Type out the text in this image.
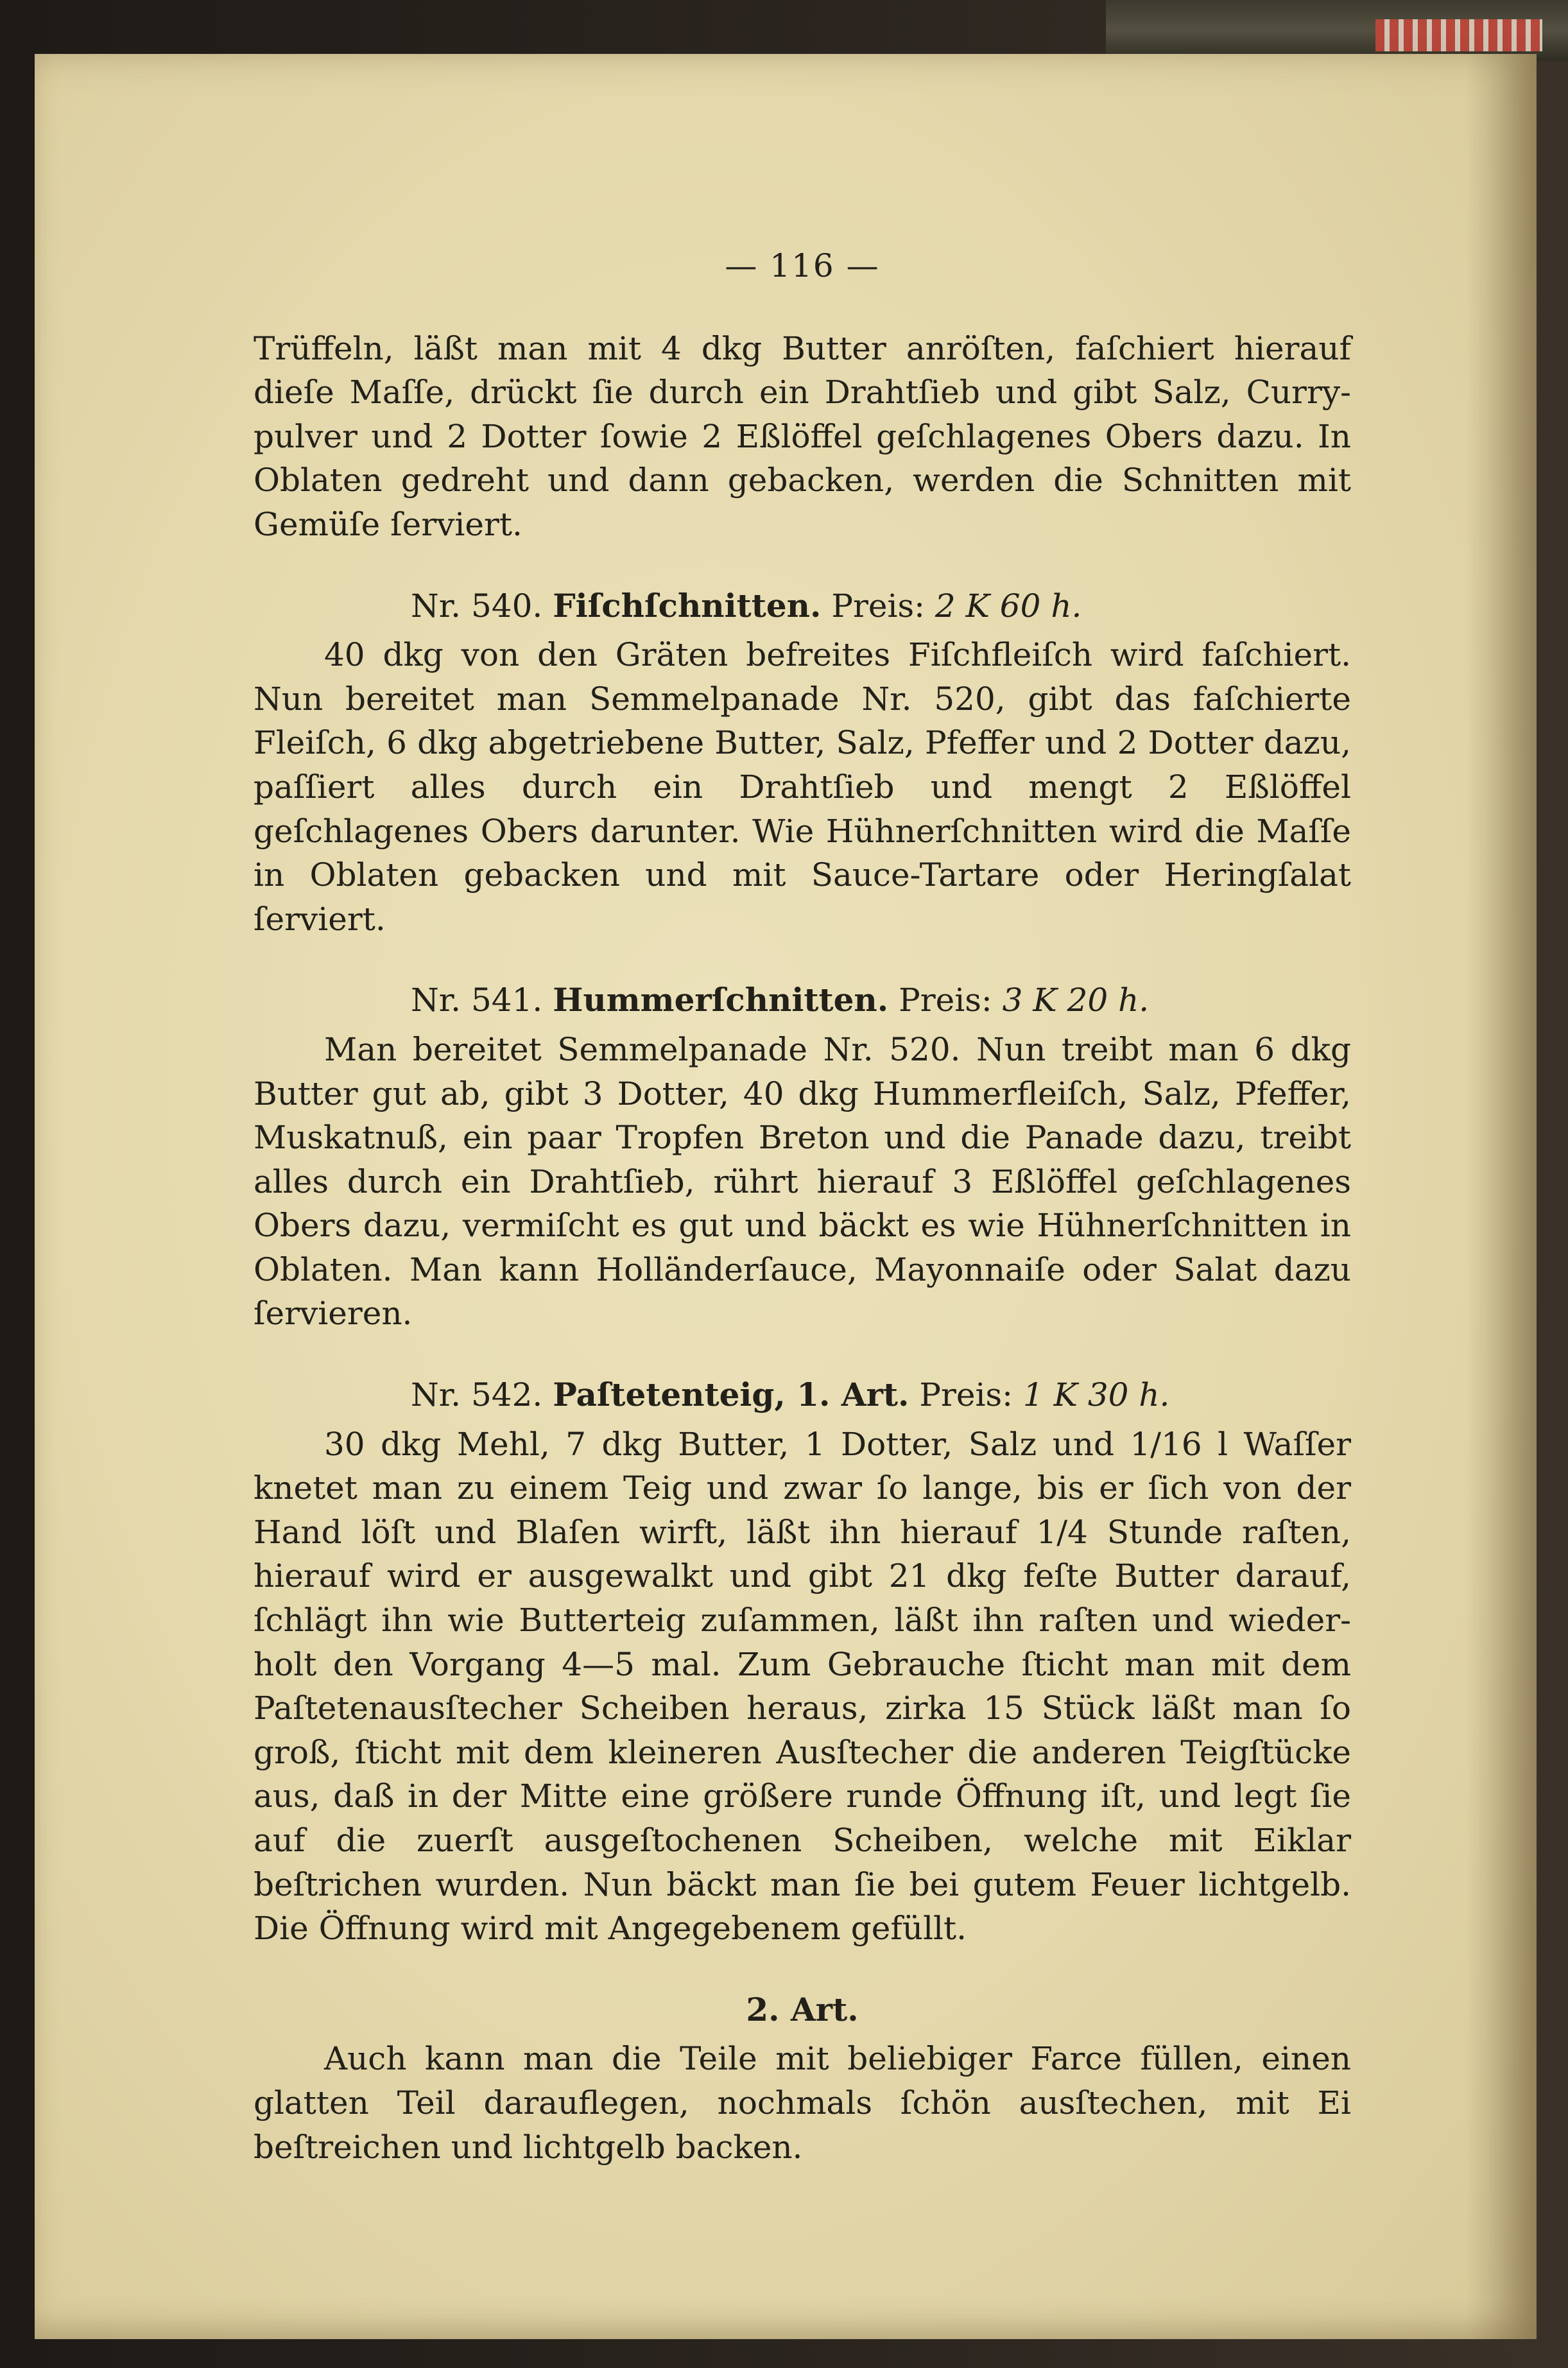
— 116 —

Trüffeln, läßt man mit 4 dkg Butter anröſten, faſchiert hierauf dieſe Maſſe, drückt ſie durch ein Drahtſieb und gibt Salz, Curry-pulver und 2 Dotter ſowie 2 Eßlöffel geſchlagenes Obers dazu. In Oblaten gedreht und dann gebacken, werden die Schnitten mit Gemüſe ſerviert.

Nr. 540. Fiſchſchnitten. Preis: 2 K 60 h.

40 dkg von den Gräten befreites Fiſchfleiſch wird faſchiert. Nun bereitet man Semmelpanade Nr. 520, gibt das faſchierte Fleiſch, 6 dkg abgetriebene Butter, Salz, Pfeffer und 2 Dotter dazu, paſſiert alles durch ein Drahtſieb und mengt 2 Eßlöffel geſchlagenes Obers darunter. Wie Hühnerſchnitten wird die Maſſe in Oblaten gebacken und mit Sauce-Tartare oder Heringſalat ſerviert.

Nr. 541. Hummerſchnitten. Preis: 3 K 20 h.

Man bereitet Semmelpanade Nr. 520. Nun treibt man 6 dkg Butter gut ab, gibt 3 Dotter, 40 dkg Hummerfleiſch, Salz, Pfeffer, Muskatnuß, ein paar Tropfen Breton und die Panade dazu, treibt alles durch ein Drahtſieb, rührt hierauf 3 Eßlöffel geſchlagenes Obers dazu, vermiſcht es gut und bäckt es wie Hühnerſchnitten in Oblaten. Man kann Holländerſauce, Mayonnaiſe oder Salat dazu ſervieren.

Nr. 542. Paſtetenteig, 1. Art. Preis: 1 K 30 h.

30 dkg Mehl, 7 dkg Butter, 1 Dotter, Salz und 1/16 l Waſſer knetet man zu einem Teig und zwar ſo lange, bis er ſich von der Hand löſt und Blaſen wirft, läßt ihn hierauf 1/4 Stunde raſten, hierauf wird er ausgewalkt und gibt 21 dkg feſte Butter darauf, ſchlägt ihn wie Butterteig zuſammen, läßt ihn raſten und wieder-holt den Vorgang 4—5 mal. Zum Gebrauche ſticht man mit dem Paſtetenausſtecher Scheiben heraus, zirka 15 Stück läßt man ſo groß, ſticht mit dem kleineren Ausſtecher die anderen Teigſtücke aus, daß in der Mitte eine größere runde Öffnung iſt, und legt ſie auf die zuerſt ausgeſtochenen Scheiben, welche mit Eiklar beſtrichen wurden. Nun bäckt man ſie bei gutem Feuer lichtgelb. Die Öffnung wird mit Angegebenem gefüllt.

2. Art.

Auch kann man die Teile mit beliebiger Farce füllen, einen glatten Teil darauflegen, nochmals ſchön ausſtechen, mit Ei beſtreichen und lichtgelb backen.
